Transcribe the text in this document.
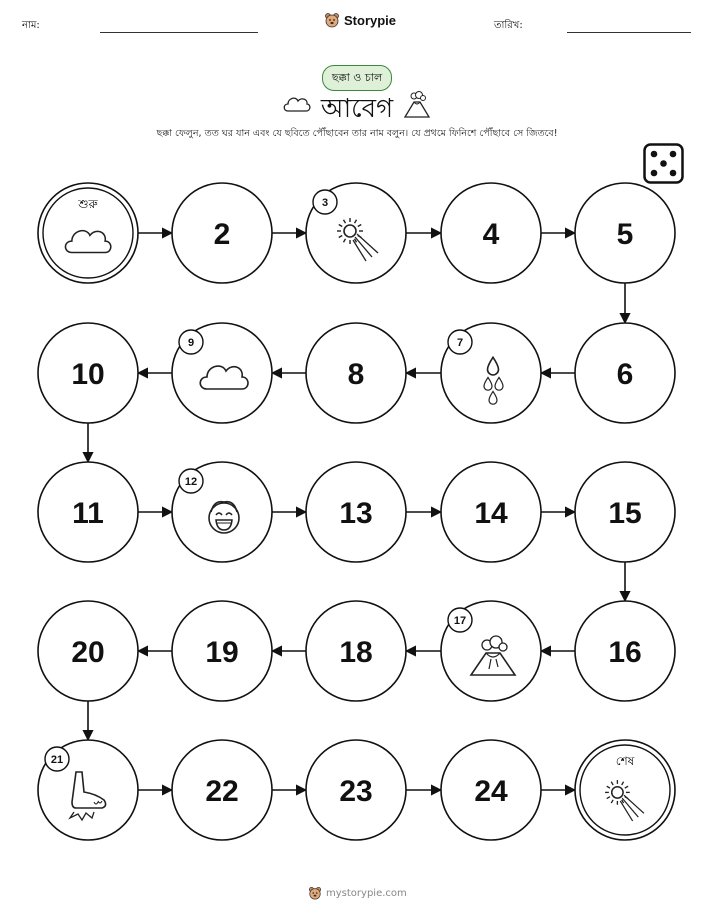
নাম:	Storypie	তারিখ:
ছক্কা ও চাল
আবেগ
ছক্কা ফেলুন, তত ঘর যান এবং যে ছবিতে পৌঁছাবেন তার নাম বলুন। যে প্রথমে ফিনিশে পৌঁছাবে সে জিতবে!
শুরু
2
3
4	5
6
7
8
9
10
11
12
13	14	15
16
17
18
19
20
21
22	23	24
শেষ
mystorypie.com
